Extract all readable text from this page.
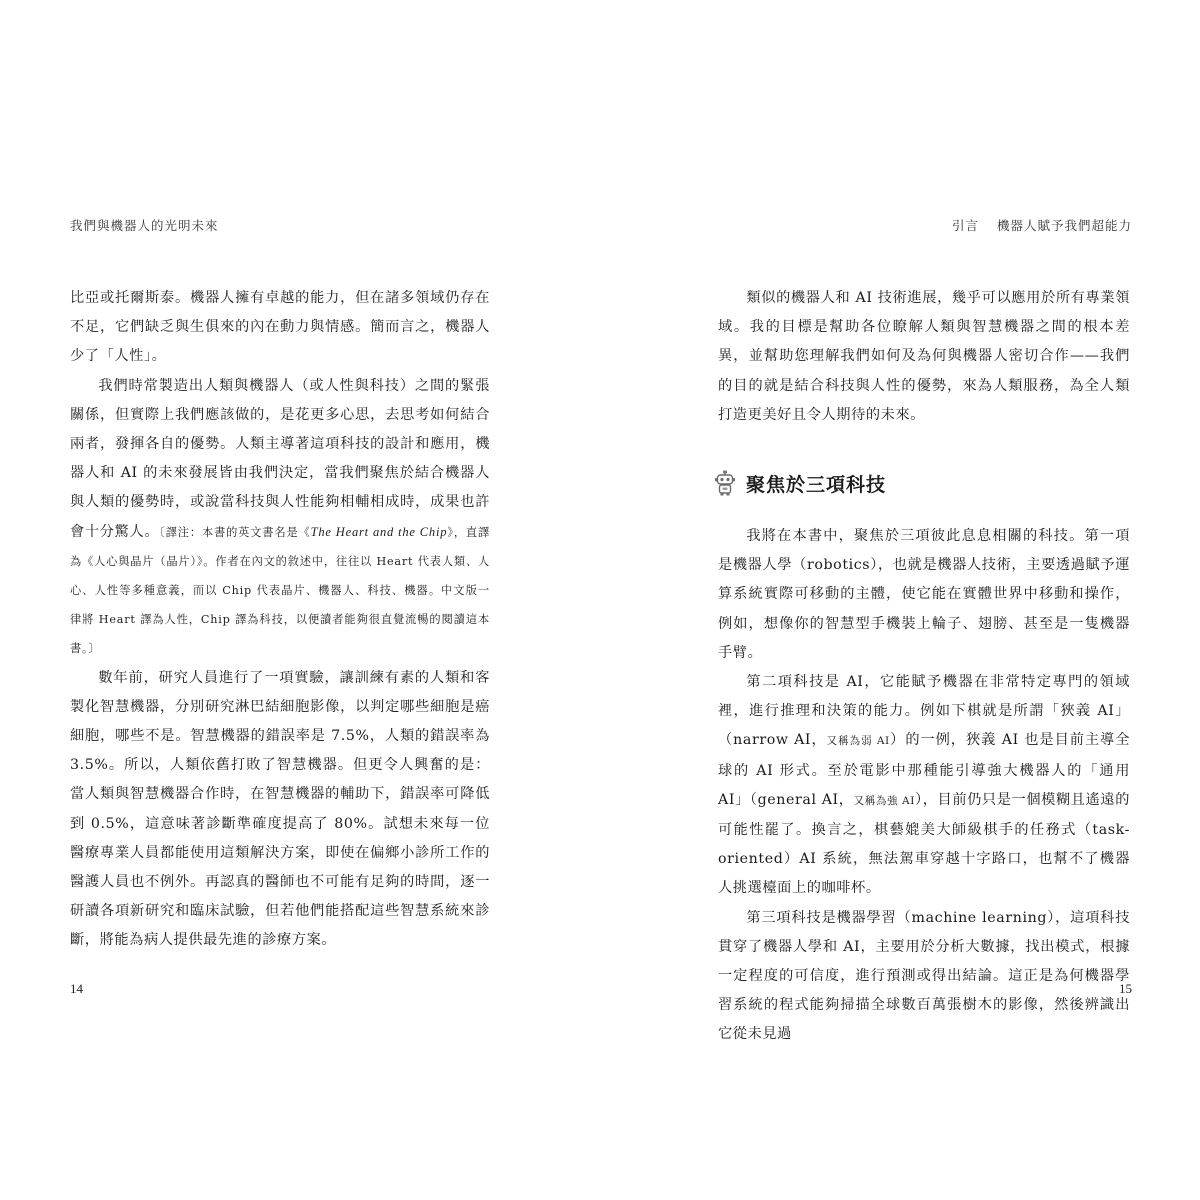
我們與機器人的光明未來

比亞或托爾斯泰。機器人擁有卓越的能力，但在諸多領域仍存在不足，它們缺乏與生俱來的內在動力與情感。簡而言之，機器人少了「人性」。

我們時常製造出人類與機器人（或人性與科技）之間的緊張關係，但實際上我們應該做的，是花更多心思，去思考如何結合兩者，發揮各自的優勢。人類主導著這項科技的設計和應用，機器人和 AI 的未來發展皆由我們決定，當我們聚焦於結合機器人與人類的優勢時，或說當科技與人性能夠相輔相成時，成果也許會十分驚人。〔譯注：本書的英文書名是《The Heart and the Chip》，直譯為《人心與晶片（晶片）》。作者在內文的敘述中，往往以 Heart 代表人類、人心、人性等多種意義，而以 Chip 代表晶片、機器人、科技、機器。中文版一律將 Heart 譯為人性，Chip 譯為科技，以便讀者能夠很直覺流暢的閱讀這本書。〕

數年前，研究人員進行了一項實驗，讓訓練有素的人類和客製化智慧機器，分別研究淋巴結細胞影像，以判定哪些細胞是癌細胞，哪些不是。智慧機器的錯誤率是 7.5%，人類的錯誤率為 3.5%。所以，人類依舊打敗了智慧機器。但更令人興奮的是：當人類與智慧機器合作時，在智慧機器的輔助下，錯誤率可降低到 0.5%，這意味著診斷準確度提高了 80%。試想未來每一位醫療專業人員都能使用這類解決方案，即使在偏鄉小診所工作的醫護人員也不例外。再認真的醫師也不可能有足夠的時間，逐一研讀各項新研究和臨床試驗，但若他們能搭配這些智慧系統來診斷，將能為病人提供最先進的診療方案。

14
引言 機器人賦予我們超能力

類似的機器人和 AI 技術進展，幾乎可以應用於所有專業領域。我的目標是幫助各位瞭解人類與智慧機器之間的根本差異，並幫助您理解我們如何及為何與機器人密切合作——我們的目的就是結合科技與人性的優勢，來為人類服務，為全人類打造更美好且令人期待的未來。

聚焦於三項科技

我將在本書中，聚焦於三項彼此息息相關的科技。第一項是機器人學（robotics），也就是機器人技術，主要透過賦予運算系統實際可移動的主體，使它能在實體世界中移動和操作，例如，想像你的智慧型手機裝上輪子、翅膀、甚至是一隻機器手臂。

第二項科技是 AI，它能賦予機器在非常特定專門的領域裡，進行推理和決策的能力。例如下棋就是所謂「狹義 AI」（narrow AI，又稱為弱 AI）的一例，狹義 AI 也是目前主導全球的 AI 形式。至於電影中那種能引導強大機器人的「通用 AI」（general AI，又稱為強 AI），目前仍只是一個模糊且遙遠的可能性罷了。換言之，棋藝媲美大師級棋手的任務式（task-oriented）AI 系統，無法駕車穿越十字路口，也幫不了機器人挑選檯面上的咖啡杯。

第三項科技是機器學習（machine learning），這項科技貫穿了機器人學和 AI，主要用於分析大數據，找出模式，根據一定程度的可信度，進行預測或得出結論。這正是為何機器學習系統的程式能夠掃描全球數百萬張樹木的影像，然後辨識出它從未見過

15
